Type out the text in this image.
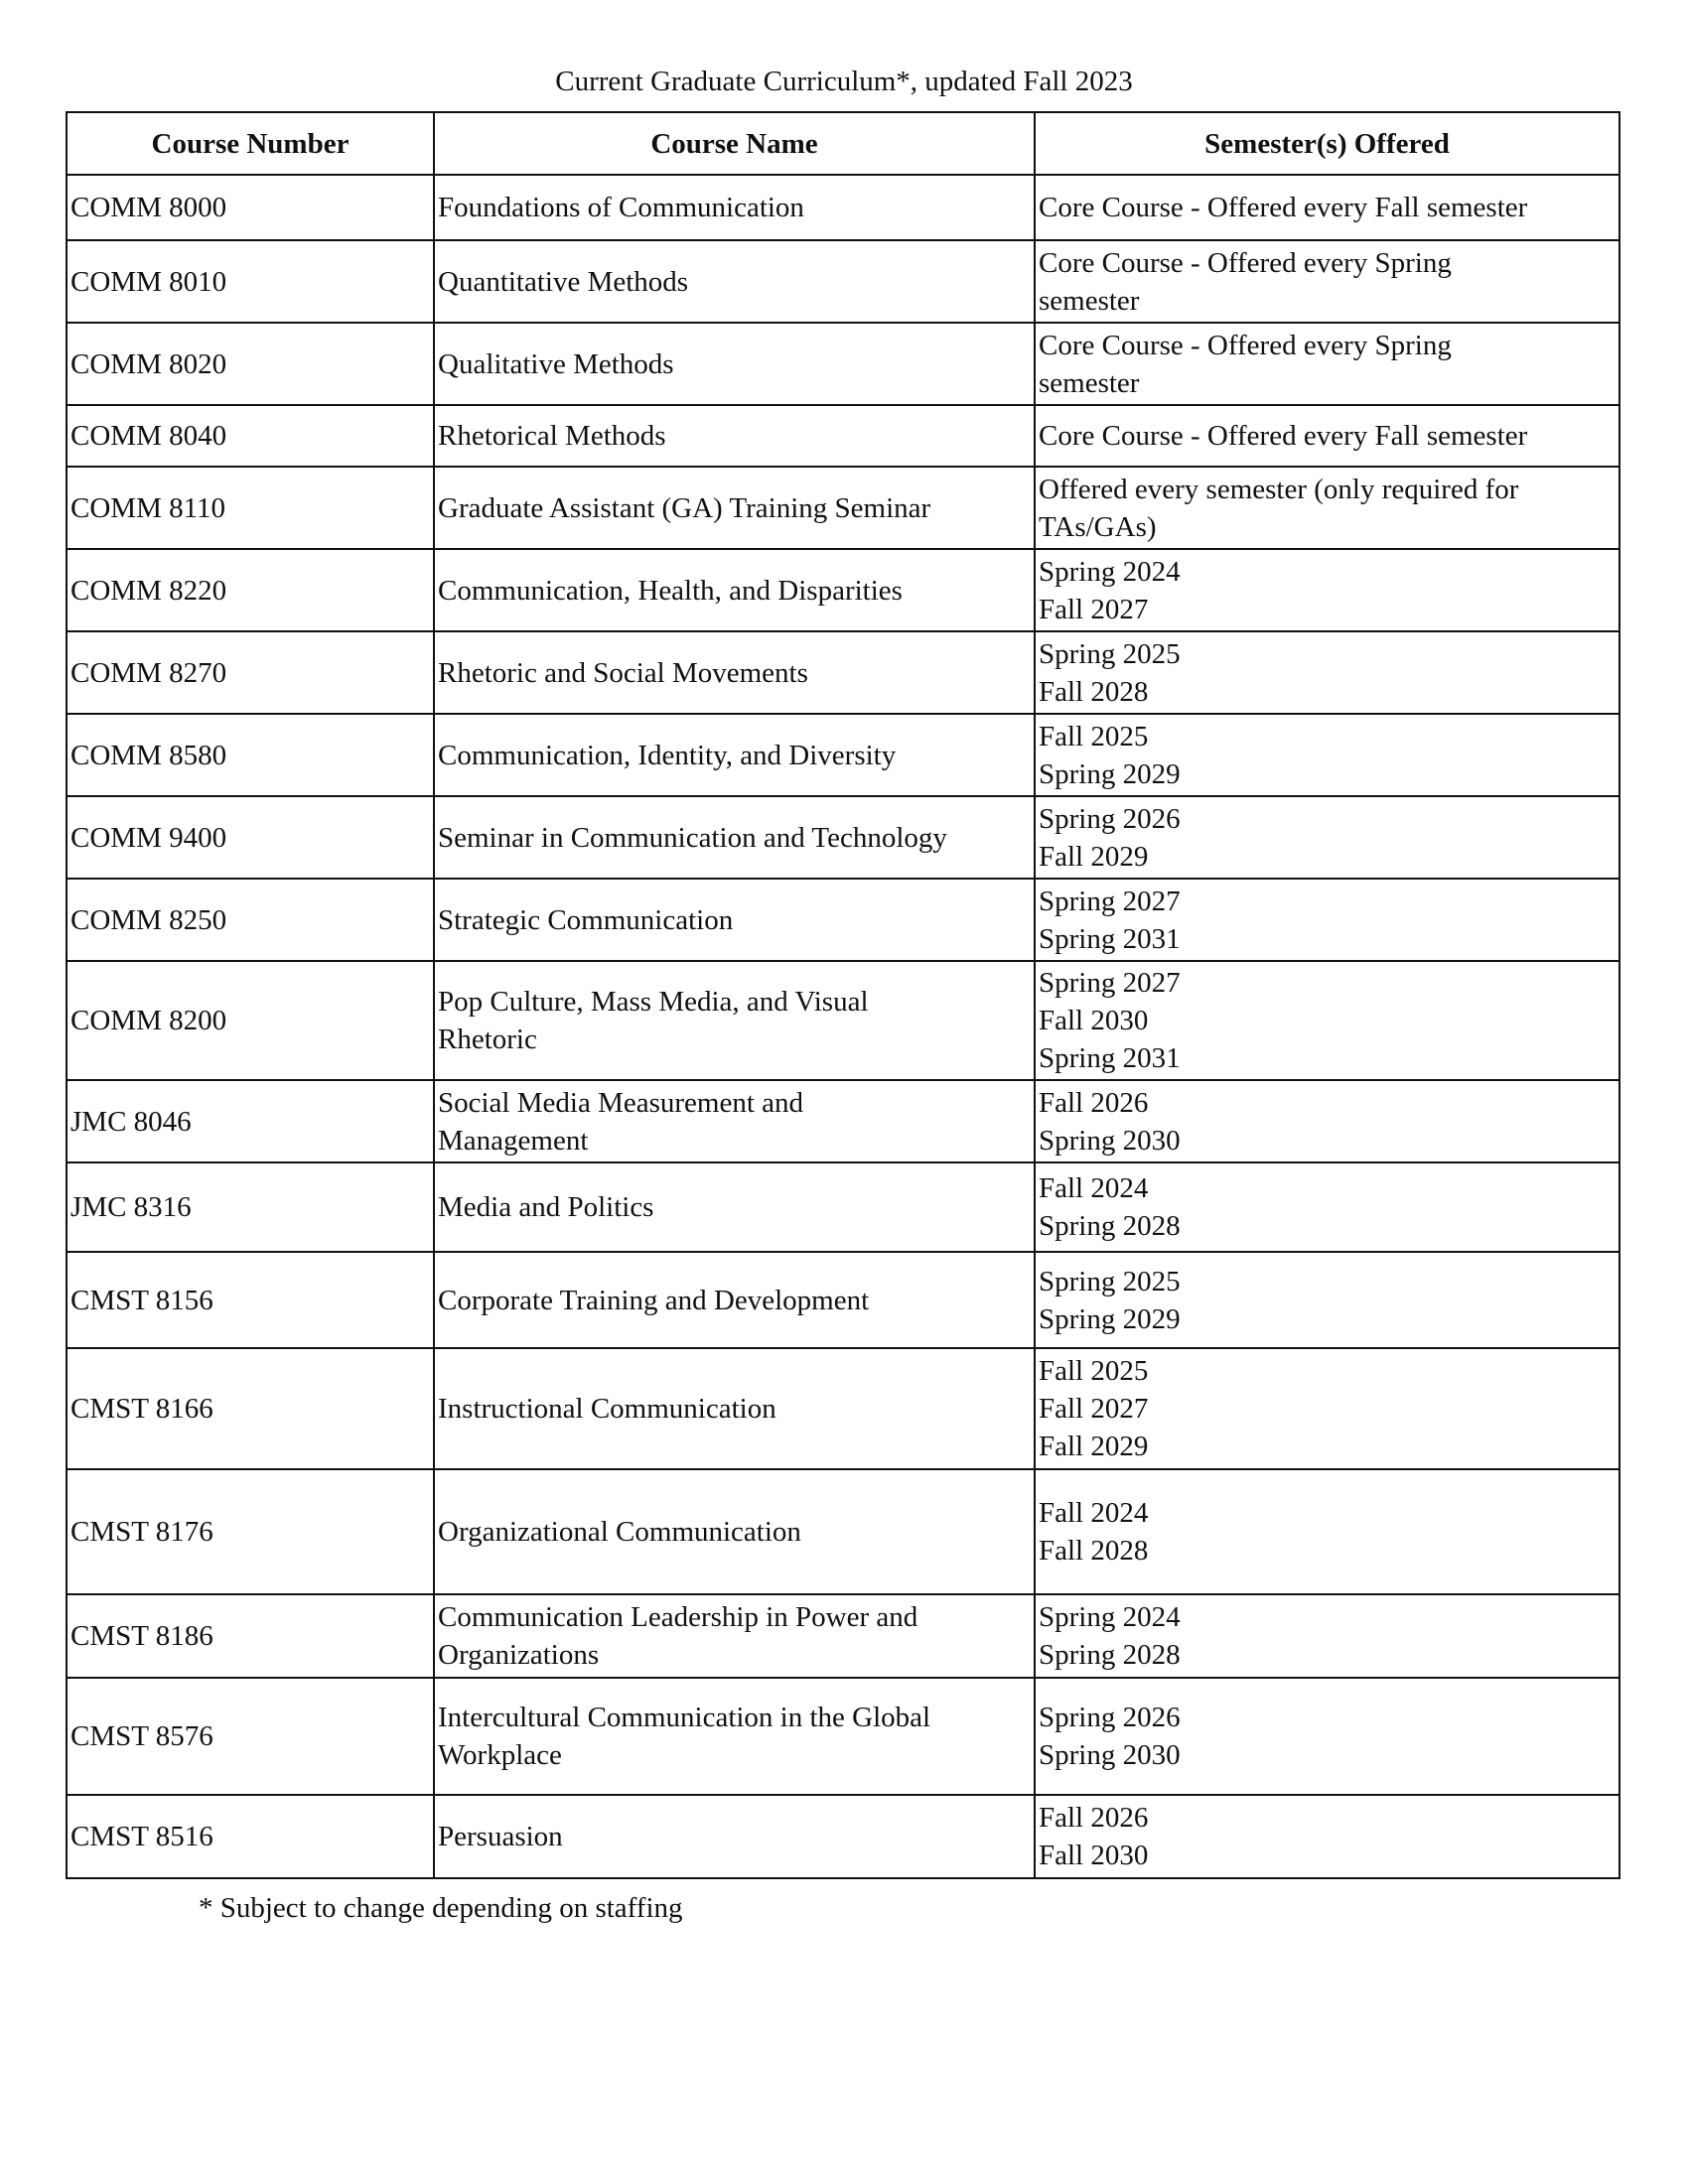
Current Graduate Curriculum*, updated Fall 2023
Course Number	Course Name	Semester(s) Offered
COMM 8000	Foundations of Communication	Core Course - Offered every Fall semester

COMM 8010	Quantitative Methods	Core Course - Offered every Spring
semester

COMM 8020	Qualitative Methods	Core Course - Offered every Spring
semester

COMM 8040	Rhetorical Methods	Core Course - Offered every Fall semester

COMM 8110	Graduate Assistant (GA) Training Seminar	Offered every semester (only required for
TAs/GAs)

COMM 8220	Communication, Health, and Disparities	Spring 2024
Fall 2027

COMM 8270	Rhetoric and Social Movements	Spring 2025
Fall 2028

COMM 8580	Communication, Identity, and Diversity	Fall 2025
Spring 2029

COMM 9400	Seminar in Communication and Technology	Spring 2026
Fall 2029

COMM 8250	Strategic Communication	Spring 2027
Spring 2031

COMM 8200	Pop Culture, Mass Media, and Visual
Rhetoric	Spring 2027
Fall 2030
Spring 2031

JMC 8046	Social Media Measurement and
Management	Fall 2026
Spring 2030

JMC 8316	Media and Politics	Fall 2024
Spring 2028

CMST 8156	Corporate Training and Development	Spring 2025
Spring 2029

CMST 8166	Instructional Communication	Fall 2025
Fall 2027
Fall 2029

CMST 8176	Organizational Communication	Fall 2024
Fall 2028

CMST 8186	Communication Leadership in Power and
Organizations	Spring 2024
Spring 2028

CMST 8576	Intercultural Communication in the Global
Workplace	Spring 2026
Spring 2030

CMST 8516	Persuasion	Fall 2026
Fall 2030
* Subject to change depending on staffing
